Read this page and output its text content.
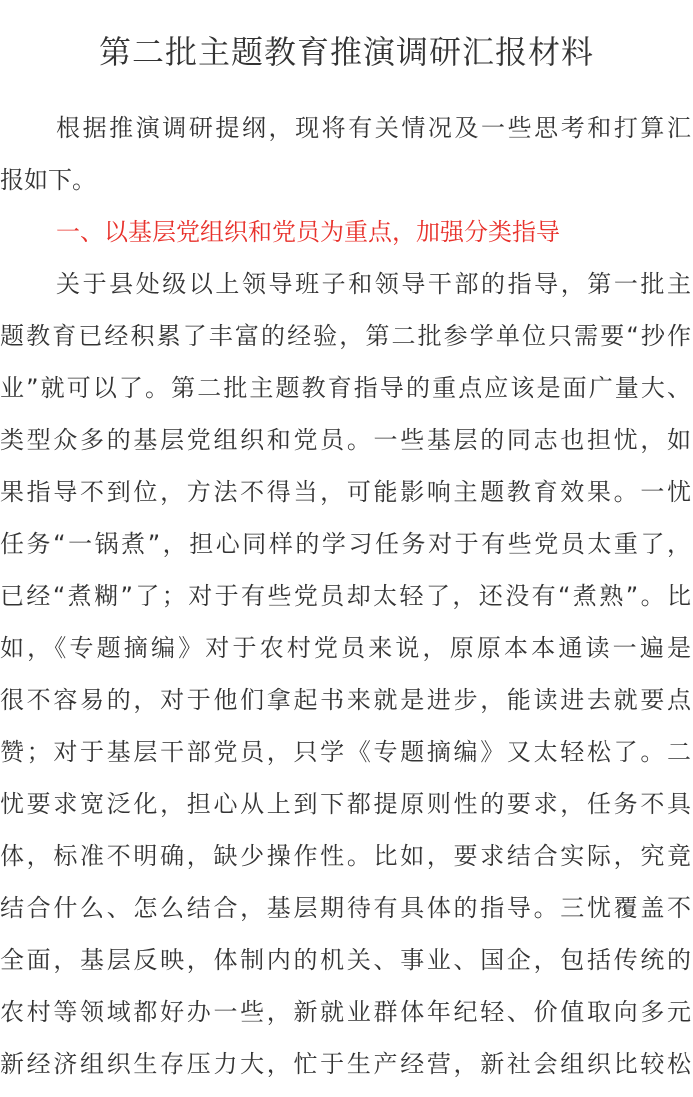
第二批主题教育推演调研汇报材料
根据推演调研提纲，现将有关情况及一些思考和打算汇
报如下。
一、以基层党组织和党员为重点，加强分类指导
关于县处级以上领导班子和领导干部的指导，第一批主
题教育已经积累了丰富的经验，第二批参学单位只需要“抄作
业”就可以了。第二批主题教育指导的重点应该是面广量大、
类型众多的基层党组织和党员。一些基层的同志也担忧，如
果指导不到位，方法不得当，可能影响主题教育效果。一忧
任务“一锅煮”，担心同样的学习任务对于有些党员太重了，
已经“煮糊”了；对于有些党员却太轻了，还没有“煮熟”。比
如，《专题摘编》对于农村党员来说，原原本本通读一遍是
很不容易的，对于他们拿起书来就是进步，能读进去就要点
赞；对于基层干部党员，只学《专题摘编》又太轻松了。二
忧要求宽泛化，担心从上到下都提原则性的要求，任务不具
体，标准不明确，缺少操作性。比如，要求结合实际，究竟
结合什么、怎么结合，基层期待有具体的指导。三忧覆盖不
全面，基层反映，体制内的机关、事业、国企，包括传统的
农村等领域都好办一些，新就业群体年纪轻、价值取向多元
新经济组织生存压力大，忙于生产经营，新社会组织比较松
